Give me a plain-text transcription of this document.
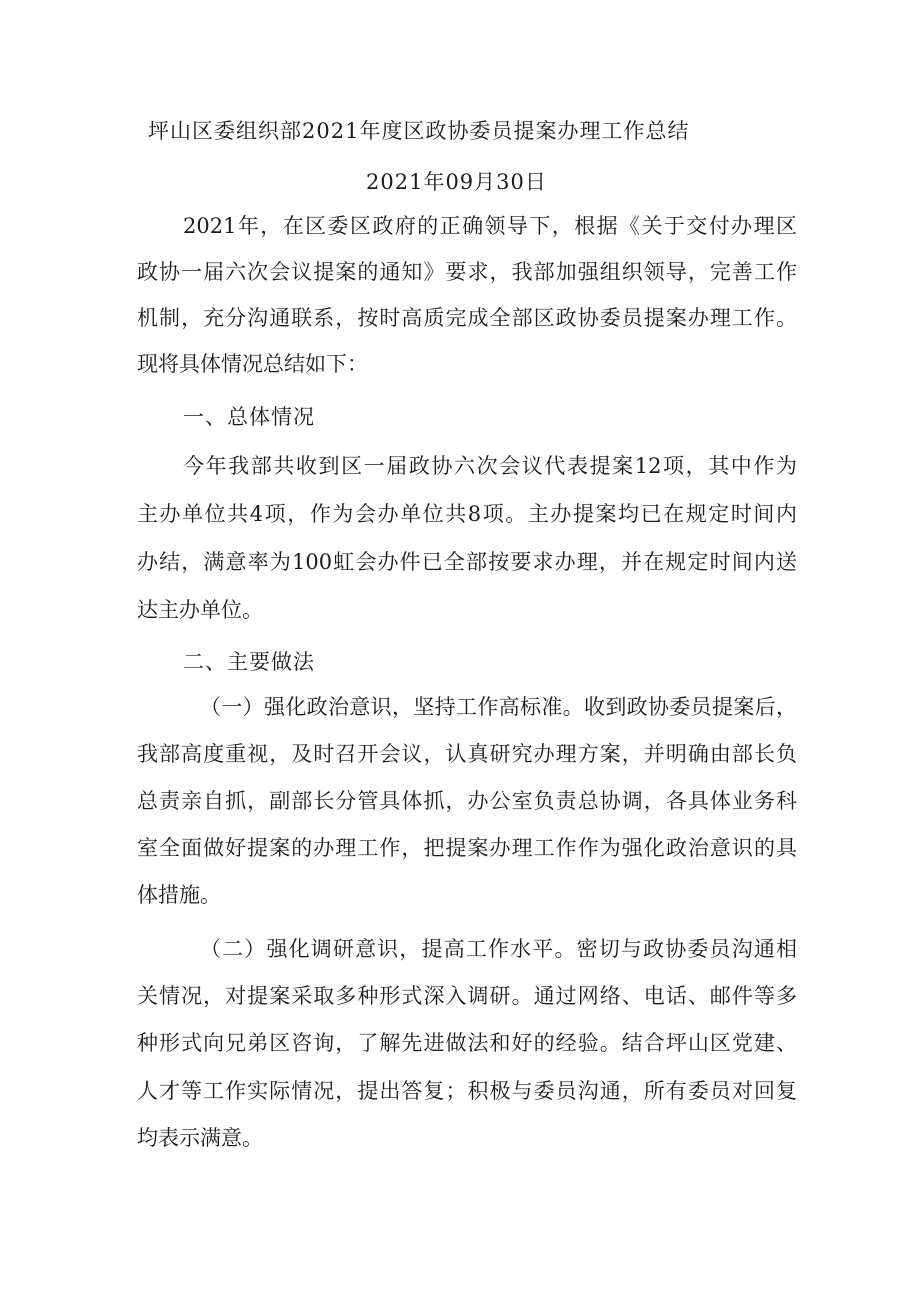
坪山区委组织部2021年度区政协委员提案办理工作总结
2021年09月30日
2021年，在区委区政府的正确领导下，根据《关于交付办理区
政协一届六次会议提案的通知》要求，我部加强组织领导，完善工作
机制，充分沟通联系，按时高质完成全部区政协委员提案办理工作。
现将具体情况总结如下：
一、总体情况
今年我部共收到区一届政协六次会议代表提案12项，其中作为
主办单位共4项，作为会办单位共8项。主办提案均已在规定时间内
办结，满意率为100虹会办件已全部按要求办理，并在规定时间内送
达主办单位。
二、主要做法
（一）强化政治意识，坚持工作高标准。收到政协委员提案后，
我部高度重视，及时召开会议，认真研究办理方案，并明确由部长负
总责亲自抓，副部长分管具体抓，办公室负责总协调，各具体业务科
室全面做好提案的办理工作，把提案办理工作作为强化政治意识的具
体措施。
（二）强化调研意识，提高工作水平。密切与政协委员沟通相
关情况，对提案采取多种形式深入调研。通过网络、电话、邮件等多
种形式向兄弟区咨询，了解先进做法和好的经验。结合坪山区党建、
人才等工作实际情况，提出答复；积极与委员沟通，所有委员对回复
均表示满意。
